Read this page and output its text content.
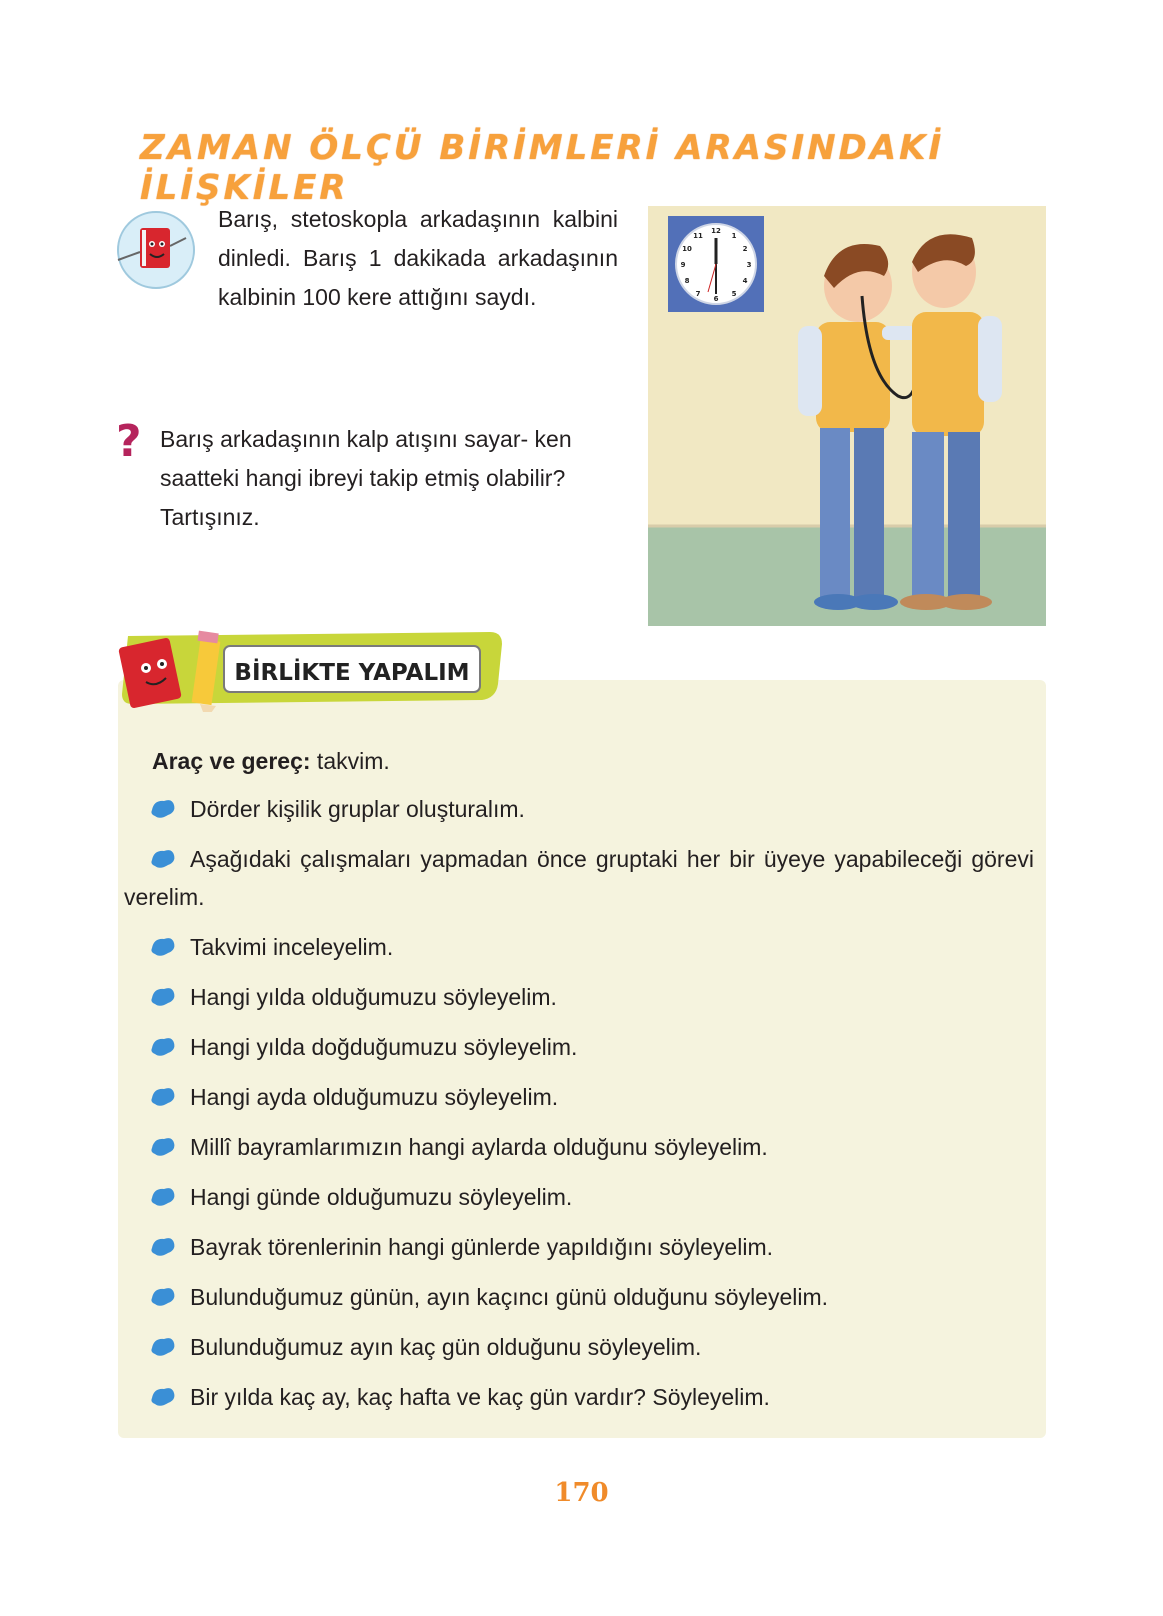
ZAMAN ÖLÇÜ BİRİMLERİ ARASINDAKİ İLİŞKİLER
Barış, stetoskopla arkadaşının kalbini dinledi. Barış 1 dakikada arkadaşının kalbinin 100 kere attığını saydı.
? Barış arkadaşının kalp atışını sayar- ken saatteki hangi ibreyi takip etmiş olabilir? Tartışınız.
12
1
2
3
4
5
6
7
8
9
10
11
BİRLİKTE YAPALIM
Araç ve gereç: takvim.
Dörder kişilik gruplar oluşturalım.
Aşağıdaki çalışmaları yapmadan önce gruptaki her bir üyeye yapabileceği görevi verelim.
Takvimi inceleyelim.
Hangi yılda olduğumuzu söyleyelim.
Hangi yılda doğduğumuzu söyleyelim.
Hangi ayda olduğumuzu söyleyelim.
Millî bayramlarımızın hangi aylarda olduğunu söyleyelim.
Hangi günde olduğumuzu söyleyelim.
Bayrak törenlerinin hangi günlerde yapıldığını söyleyelim.
Bulunduğumuz günün, ayın kaçıncı günü olduğunu söyleyelim.
Bulunduğumuz ayın kaç gün olduğunu söyleyelim.
Bir yılda kaç ay, kaç hafta ve kaç gün vardır? Söyleyelim.
170
